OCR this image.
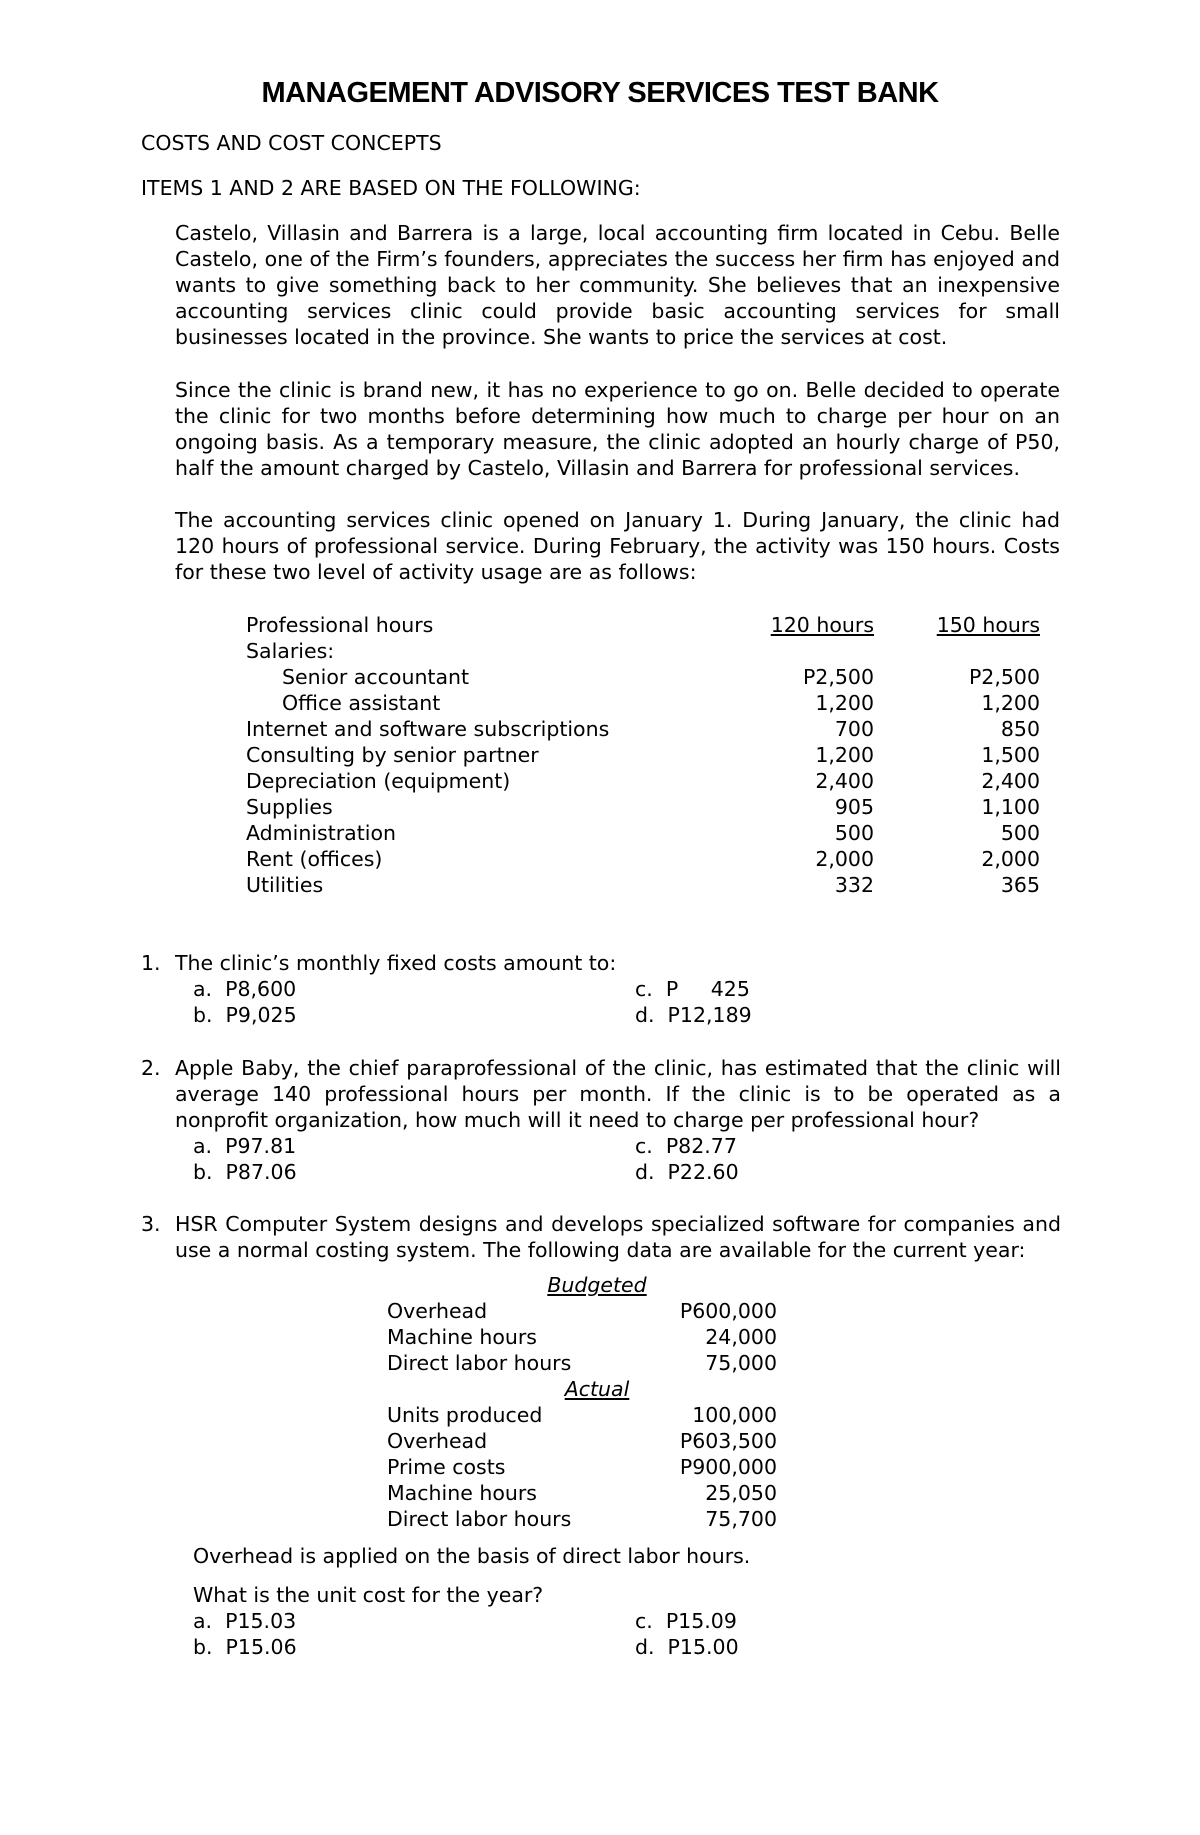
MANAGEMENT ADVISORY SERVICES TEST BANK
COSTS AND COST CONCEPTS
ITEMS 1 AND 2 ARE BASED ON THE FOLLOWING:

Castelo, Villasin and Barrera is a large, local accounting firm located in Cebu. Belle Castelo, one of the Firm’s founders, appreciates the success her firm has enjoyed and wants to give something back to her community. She believes that an inexpensive accounting services clinic could provide basic accounting services for small businesses located in the province. She wants to price the services at cost.

Since the clinic is brand new, it has no experience to go on. Belle decided to operate the clinic for two months before determining how much to charge per hour on an ongoing basis. As a temporary measure, the clinic adopted an hourly charge of P50, half the amount charged by Castelo, Villasin and Barrera for professional services.

The accounting services clinic opened on January 1. During January, the clinic had 120 hours of professional service. During February, the activity was 150 hours. Costs for these two level of activity usage are as follows:

Professional hours	120 hours	150 hours
Salaries:
Senior accountant	P2,500	P2,500
Office assistant	1,200	1,200
Internet and software subscriptions	700	850
Consulting by senior partner	1,200	1,500
Depreciation (equipment)	2,400	2,400
Supplies	905	1,100
Administration	500	500
Rent (offices)	2,000	2,000
Utilities	332	365
1. The clinic’s monthly fixed costs amount to:
a.  P8,600
b.  P9,025
c.  P     425
d.  P12,189
2. Apple Baby, the chief paraprofessional of the clinic, has estimated that the clinic will average 140 professional hours per month. If the clinic is to be operated as a nonprofit organization, how much will it need to charge per professional hour?
a.  P97.81
b.  P87.06
c.  P82.77
d.  P22.60
3. HSR Computer System designs and develops specialized software for companies and use a normal costing system. The following data are available for the current year:
Budgeted
Overhead	P600,000
Machine hours	24,000
Direct labor hours	75,000
Actual
Units produced	100,000
Overhead	P603,500
Prime costs	P900,000
Machine hours	25,050
Direct labor hours	75,700
Overhead is applied on the basis of direct labor hours.
What is the unit cost for the year?
a.  P15.03
b.  P15.06
c.  P15.09
d.  P15.00
